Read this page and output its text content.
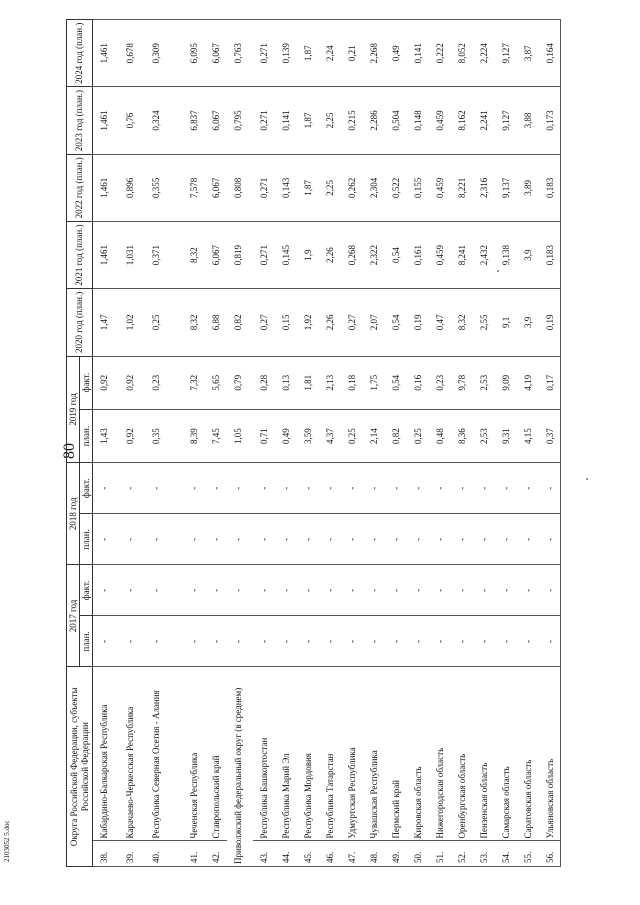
80
2103052 5.doc	Округа Российской Федерации, субъекты Российской Федерации		2017 год		2018 год		2019 год		2020 год (план.)	2021 год (план.)	2022 год (план.)	2023 год (план.)	2024 год (план.)
		план.	факт.	план.	факт.	план.	факт.					
38.	Кабардино-Балкарская Республика	-	-	-	-	1,43	0,92	1,47	1,461	1,461	1,461	1,461
39.	Карачаево-Черкесская Республика	-	-	-	-	0,92	0,92	1,02	1,031	0,896	0,76	0,678
40.	Республика Северная Осетия - Алания	-	-	-	-	0,35	0,23	0,25	0,371	0,355	0,324	0,309
41.	Чеченская Республика	-	-	-	-	8,39	7,32	8,32	8,32	7,578	6,837	6,095
42.	Ставропольский край	-	-	-	-	7,45	5,65	6,88	6,067	6,067	6,067	6,067
Приволжский федеральный округ (в среднем)		-	-	-	-	1,05	0,79	0,82	0,819	0,808	0,795	0,763
43.	Республика Башкортостан	-	-	-	-	0,71	0,28	0,27	0,271	0,271	0,271	0,271
44.	Республика Марий Эл	-	-	-	-	0,49	0,13	0,15	0,145	0,143	0,141	0,139
45.	Республика Мордовия	-	-	-	-	3,59	1,81	1,92	1,9	1,87	1,87	1,87
46.	Республика Татарстан	-	-	-	-	4,37	2,13	2,26	2,26	2,25	2,25	2,24
47.	Удмуртская Республика	-	-	-	-	0,25	0,18	0,27	0,268	0,262	0,215	0,21
48.	Чувашская Республика	-	-	-	-	2,14	1,75	2,07	2,322	2,304	2,286	2,268
49.	Пермский край	-	-	-	-	0,82	0,54	0,54	0,54	0,522	0,504	0,49
50.	Кировская область	-	-	-	-	0,25	0,16	0,19	0,161	0,155	0,148	0,141
51.	Нижегородская область	-	-	-	-	0,48	0,23	0,47	0,459	0,459	0,459	0,222
52.	Оренбургская область	-	-	-	-	8,36	9,78	8,32	8,241	8,221	8,162	8,052
53.	Пензенская область	-	-	-	-	2,53	2,53	2,55	2,432	2,316	2,241	2,224
54.	Самарская область	-	-	-	-	9,31	9,09	9,1	9,138	9,137	9,127	9,127
55.	Саратовская область	-	-	-	-	4,15	4,19	3,9	3,9	3,89	3,88	3,87
56.	Ульяновская область	-	-	-	-	0,37	0,17	0,19	0,183	0,183	0,173	0,164
